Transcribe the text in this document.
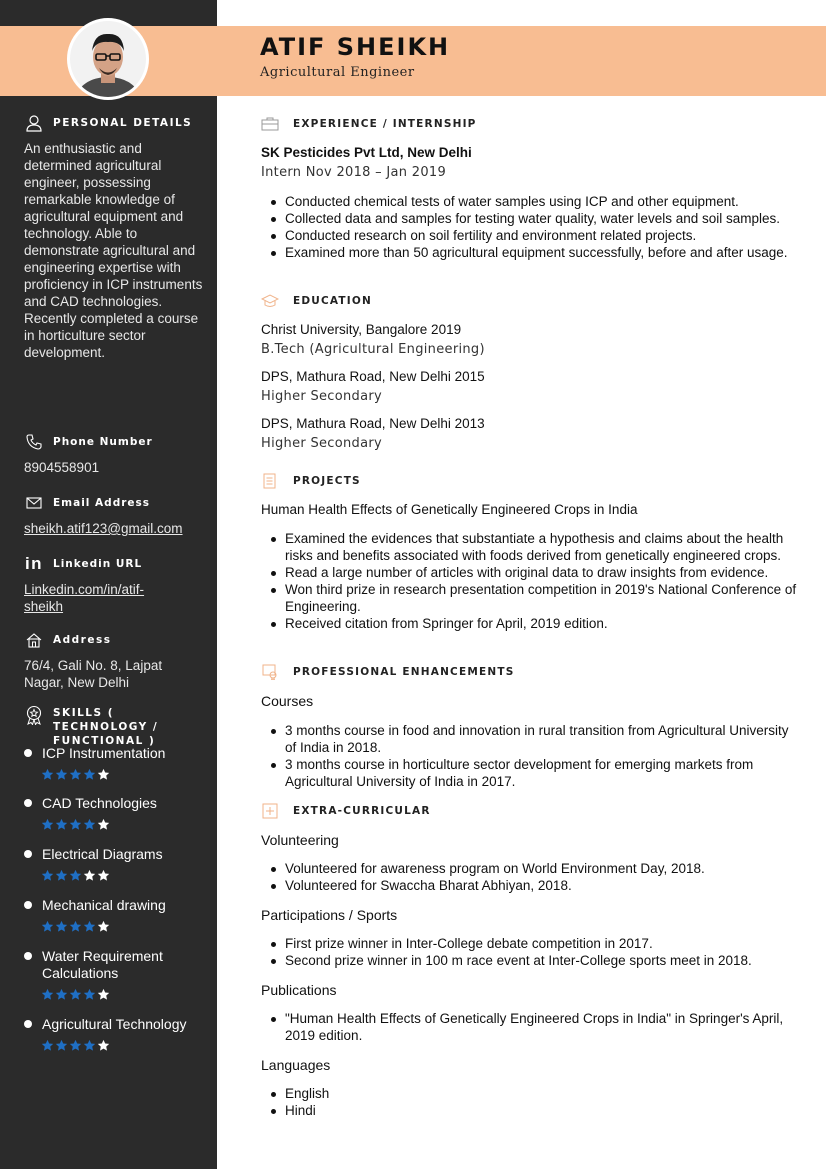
ATIF SHEIKH
Agricultural Engineer
PERSONAL DETAILS
An enthusiastic and determined agricultural engineer, possessing remarkable knowledge of agricultural equipment and technology. Able to demonstrate agricultural and engineering expertise with proficiency in ICP instruments and CAD technologies. Recently completed a course in horticulture sector development.
Phone Number
8904558901
Email Address
sheikh.atif123@gmail.com
in Linkedin URL
Linkedin.com/in/atif-sheikh
Address
76/4, Gali No. 8, Lajpat Nagar, New Delhi
SKILLS ( TECHNOLOGY / FUNCTIONAL )
ICP Instrumentation
CAD Technologies
Electrical Diagrams
Mechanical drawing
Water Requirement Calculations
Agricultural Technology
EXPERIENCE / INTERNSHIP
SK Pesticides Pvt Ltd, New Delhi
Intern Nov 2018 – Jan 2019
Conducted chemical tests of water samples using ICP and other equipment.
Collected data and samples for testing water quality, water levels and soil samples.
Conducted research on soil fertility and environment related projects.
Examined more than 50 agricultural equipment successfully, before and after usage.
EDUCATION
Christ University, Bangalore 2019
B.Tech (Agricultural Engineering)
DPS, Mathura Road, New Delhi 2015
Higher Secondary
DPS, Mathura Road, New Delhi 2013
Higher Secondary
PROJECTS
Human Health Effects of Genetically Engineered Crops in India
Examined the evidences that substantiate a hypothesis and claims about the health risks and benefits associated with foods derived from genetically engineered crops.
Read a large number of articles with original data to draw insights from evidence.
Won third prize in research presentation competition in 2019's National Conference of Engineering.
Received citation from Springer for April, 2019 edition.
PROFESSIONAL ENHANCEMENTS
Courses
3 months course in food and innovation in rural transition from Agricultural University of India in 2018.
3 months course in horticulture sector development for emerging markets from Agricultural University of India in 2017.
EXTRA-CURRICULAR
Volunteering
Volunteered for awareness program on World Environment Day, 2018.
Volunteered for Swaccha Bharat Abhiyan, 2018.
Participations / Sports
First prize winner in Inter-College debate competition in 2017.
Second prize winner in 100 m race event at Inter-College sports meet in 2018.
Publications
"Human Health Effects of Genetically Engineered Crops in India" in Springer's April, 2019 edition.
Languages
English
Hindi
